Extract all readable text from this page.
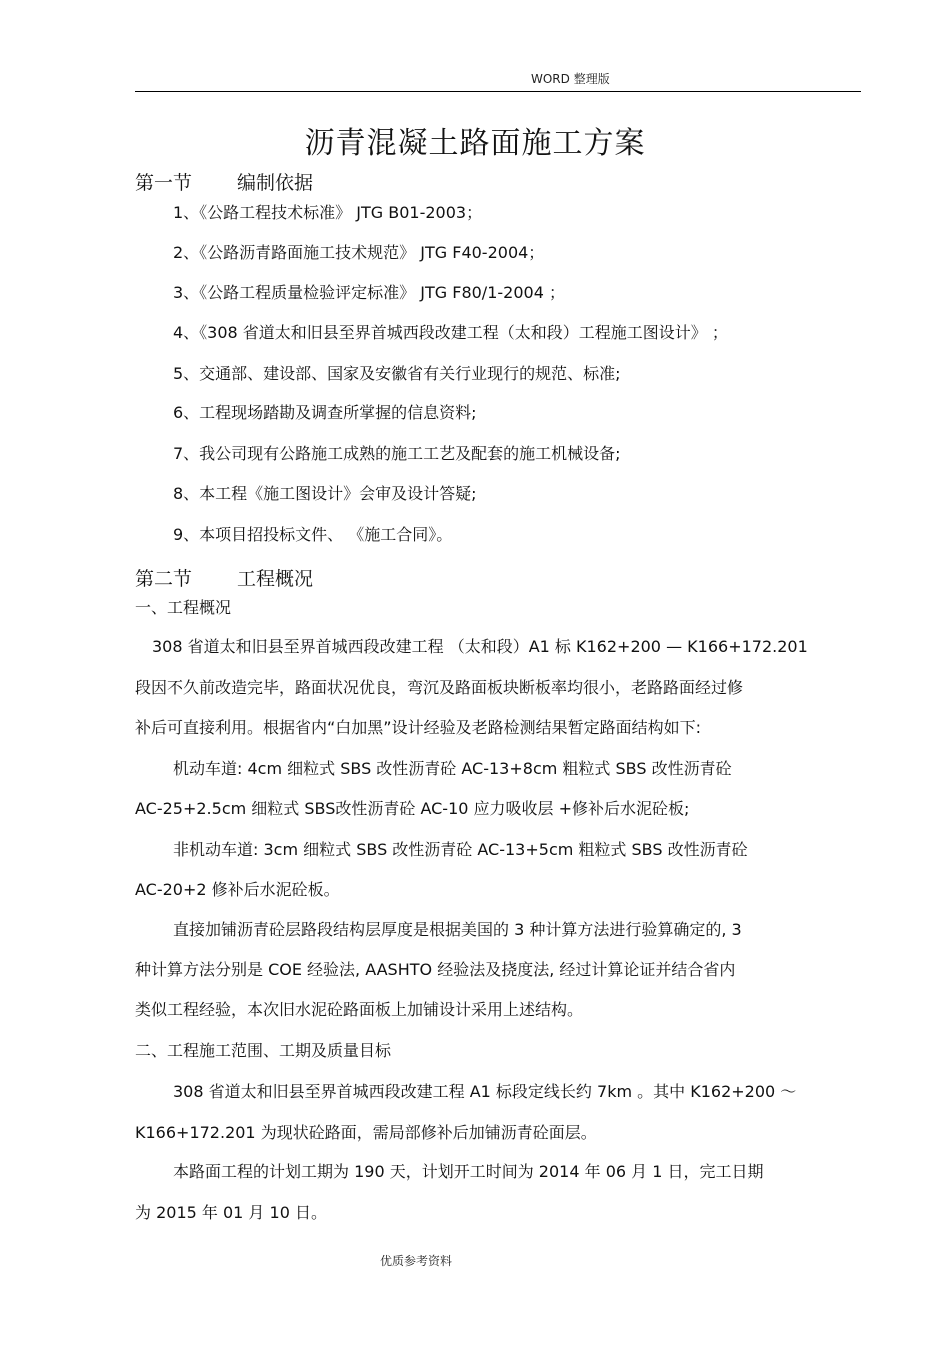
WORD 整理版
沥青混凝土路面施工方案
第一节 编制依据
1、《公路工程技术标准》 JTG B01-2003；
2、《公路沥青路面施工技术规范》 JTG F40-2004；
3、《公路工程质量检验评定标准》 JTG F80/1-2004 ；
4、《308 省道太和旧县至界首城西段改建工程（太和段）工程施工图设计》 ；
5、交通部、建设部、国家及安徽省有关行业现行的规范、标准;
6、工程现场踏勘及调查所掌握的信息资料;
7、我公司现有公路施工成熟的施工工艺及配套的施工机械设备;
8、本工程《施工图设计》会审及设计答疑;
9、本项目招投标文件、 《施工合同》。
第二节 工程概况
一、工程概况
308 省道太和旧县至界首城西段改建工程 （太和段）A1 标 K162+200 — K166+172.201
段因不久前改造完毕，路面状况优良，弯沉及路面板块断板率均很小，老路路面经过修
补后可直接利用。根据省内“白加黑”设计经验及老路检测结果暂定路面结构如下:
机动车道: 4cm 细粒式 SBS 改性沥青砼 AC-13+8cm 粗粒式 SBS 改性沥青砼
AC-25+2.5cm 细粒式 SBS改性沥青砼 AC-10 应力吸收层 +修补后水泥砼板;
非机动车道: 3cm 细粒式 SBS 改性沥青砼 AC-13+5cm 粗粒式 SBS 改性沥青砼
AC-20+2 修补后水泥砼板。
直接加铺沥青砼层路段结构层厚度是根据美国的 3 种计算方法进行验算确定的, 3
种计算方法分别是 COE 经验法, AASHTO 经验法及挠度法, 经过计算论证并结合省内
类似工程经验，本次旧水泥砼路面板上加铺设计采用上述结构。
二、工程施工范围、工期及质量目标
308 省道太和旧县至界首城西段改建工程 A1 标段定线长约 7km 。其中 K162+200 ～
K166+172.201 为现状砼路面，需局部修补后加铺沥青砼面层。
本路面工程的计划工期为 190 天，计划开工时间为 2014 年 06 月 1 日，完工日期
为 2015 年 01 月 10 日。
优质参考资料
